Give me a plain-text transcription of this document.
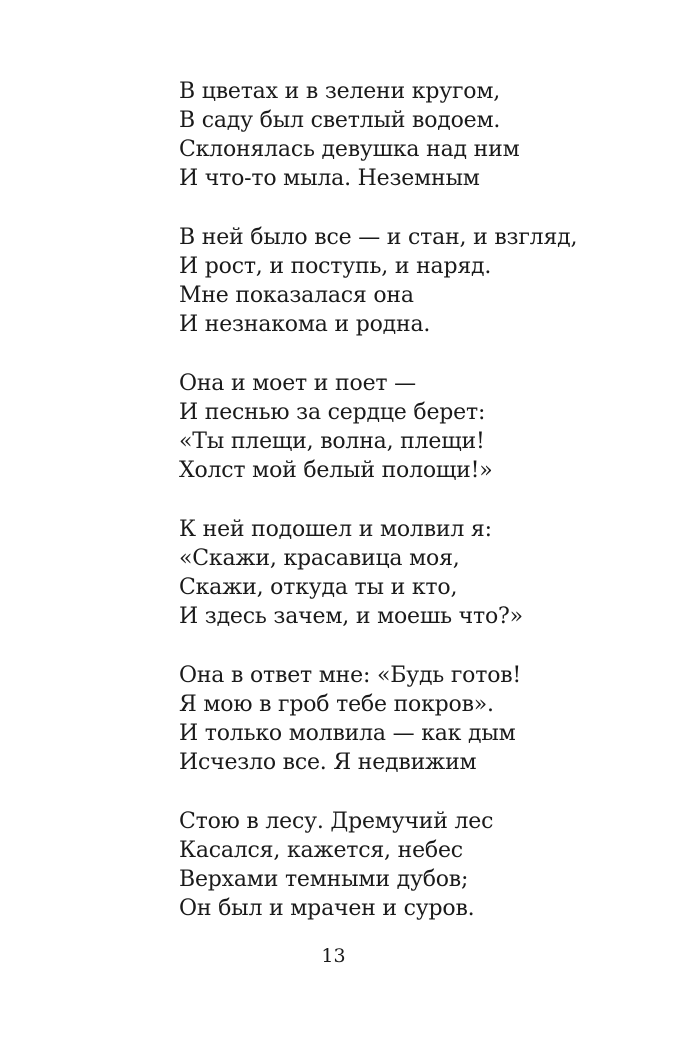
В цветах и в зелени кругом,
В саду был светлый водоем.
Склонялась девушка над ним
И что-то мыла. Неземным
В ней было все — и стан, и взгляд,
И рост, и поступь, и наряд.
Мне показалася она
И незнакома и родна.
Она и моет и поет —
И песнью за сердце берет:
«Ты плещи, волна, плещи!
Холст мой белый полощи!»
К ней подошел и молвил я:
«Скажи, красавица моя,
Скажи, откуда ты и кто,
И здесь зачем, и моешь что?»
Она в ответ мне: «Будь готов!
Я мою в гроб тебе покров».
И только молвила — как дым
Исчезло все. Я недвижим
Стою в лесу. Дремучий лес
Касался, кажется, небес
Верхами темными дубов;
Он был и мрачен и суров.
13
